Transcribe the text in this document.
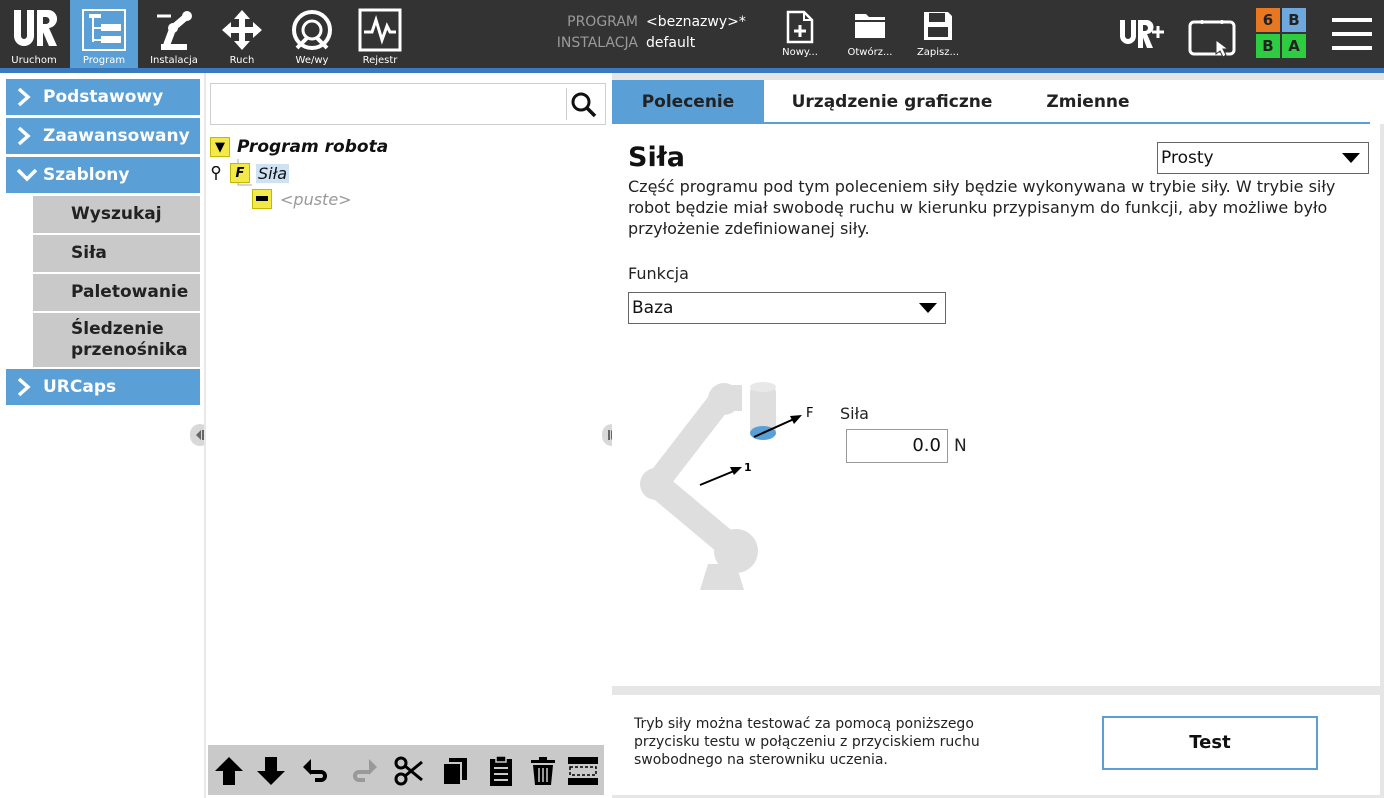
Uruchom	Program	Instalacja	Ruch	We/wy	Rejestr
PROGRAM <beznazwy>*
INSTALACJA default
Nowy...	Otwórz...	Zapisz...
6	B
B A
Podstawowy
Zaawansowany
Szablony
Wyszukaj
Siła
Paletowanie
Śledzenie przenośnika
URCaps
▼ Program robota
F Siła
<puste>
Polecenie	Urządzenie graficzne	Zmienne
Siła	Prosty
Część programu pod tym poleceniem siły będzie wykonywana w trybie siły. W trybie siły robot będzie miał swobodę ruchu w kierunku przypisanym do funkcji, aby możliwe było przyłożenie zdefiniowanej siły.
Funkcja
Baza
F
1
Siła
0.0 N
Tryb siły można testować za pomocą poniższego przycisku testu w połączeniu z przyciskiem ruchu swobodnego na sterowniku uczenia.
Test
